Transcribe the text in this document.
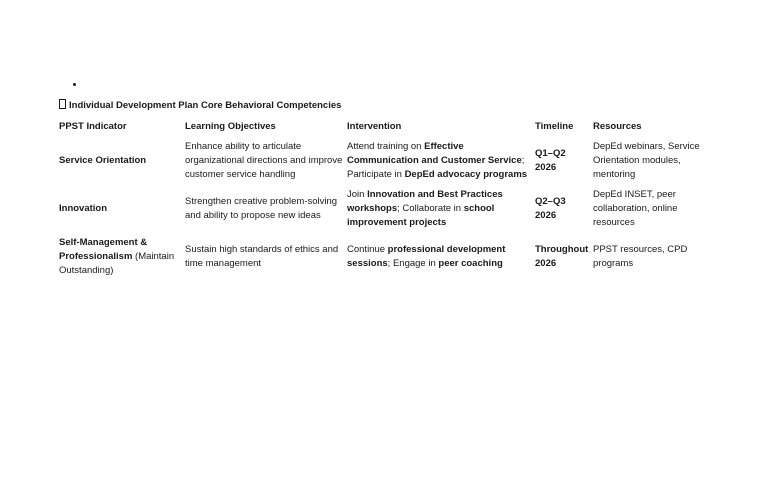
Individual Development Plan Core Behavioral Competencies
PPST Indicator	Learning Objectives	Intervention	Timeline	Resources
Service Orientation	Enhance ability to articulate organizational directions and improve customer service handling	Attend training on Effective Communication and Customer Service; Participate in DepEd advocacy programs	Q1–Q2 2026	DepEd webinars, Service Orientation modules, mentoring
Innovation	Strengthen creative problem-solving and ability to propose new ideas	Join Innovation and Best Practices workshops; Collaborate in school improvement projects	Q2–Q3 2026	DepEd INSET, peer collaboration, online resources
Self-Management & Professionalism (Maintain Outstanding)	Sustain high standards of ethics and time management	Continue professional development sessions; Engage in peer coaching	Throughout 2026	PPST resources, CPD programs
